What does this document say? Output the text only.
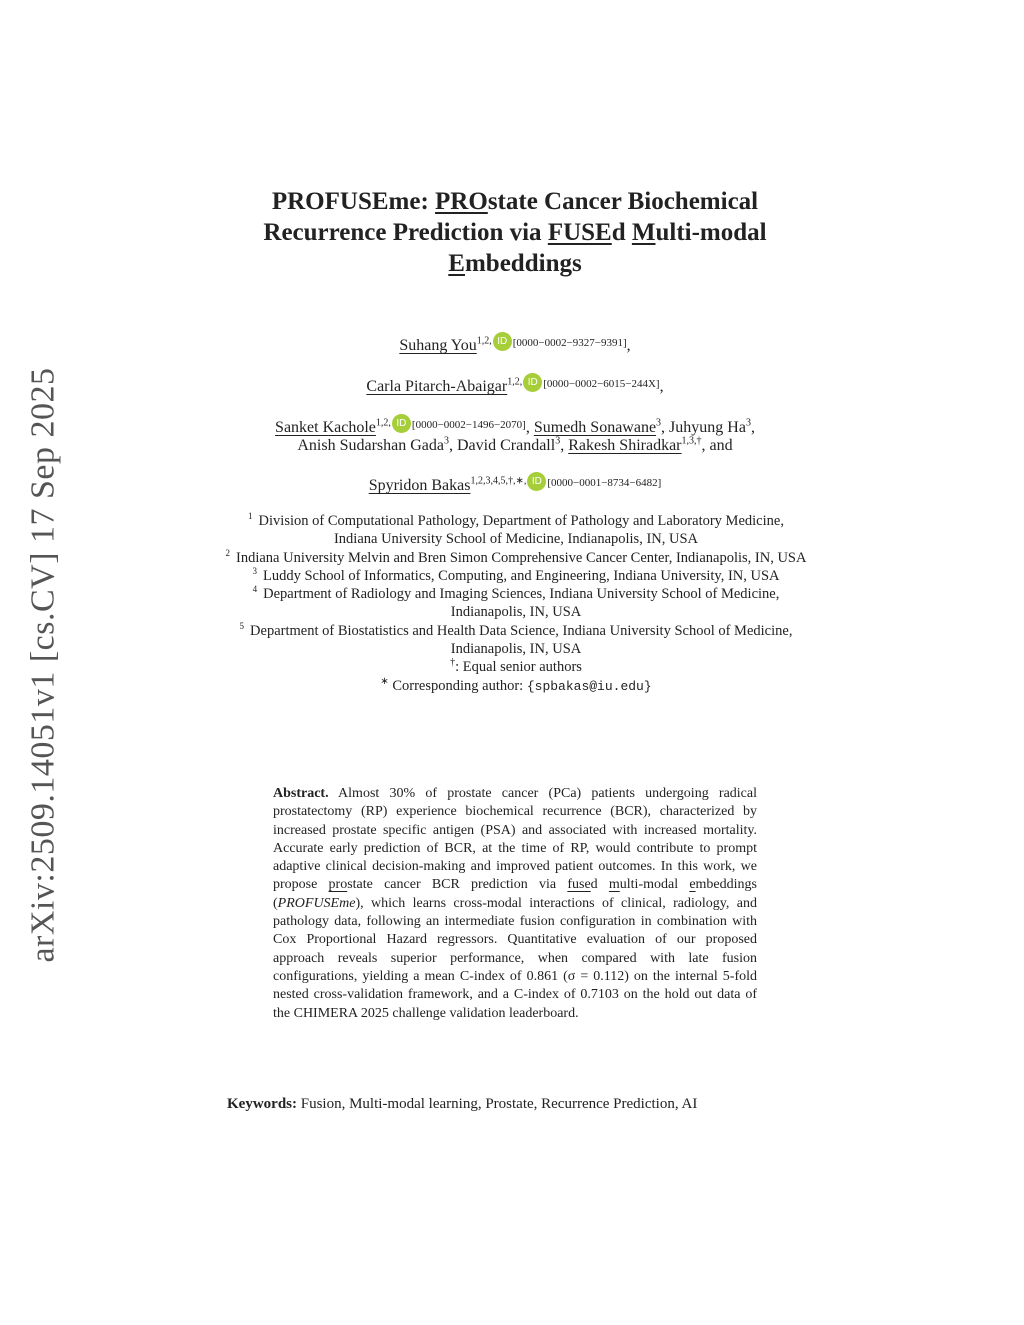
arXiv:2509.14051v1 [cs.CV] 17 Sep 2025
PROFUSEme: PROstate Cancer Biochemical
Recurrence Prediction via FUSEd Multi-modal
Embeddings
Suhang You$^{1,2,}$ ID [0000−0002−9327−9391],
Carla Pitarch-Abaigar$^{1,2,}$ ID [0000−0002−6015−244X],
Sanket Kachole$^{1,2,}$ ID [0000−0002−1496−2070], Sumedh Sonawane$^3$, Juhyung Ha$^3$,
Anish Sudarshan Gada$^3$, David Crandall$^3$, Rakesh Shiradkar$^{1,3,\dagger}$, and
Spyridon Bakas$^{1,2,3,4,5,\dagger,∗,}$ ID [0000−0001−8734−6482]
$^1$ Division of Computational Pathology, Department of Pathology and Laboratory Medicine, Indiana University School of Medicine, Indianapolis, IN, USA
$^2$ Indiana University Melvin and Bren Simon Comprehensive Cancer Center, Indianapolis, IN, USA
$^3$ Luddy School of Informatics, Computing, and Engineering, Indiana University, IN, USA
$^4$ Department of Radiology and Imaging Sciences, Indiana University School of Medicine, Indianapolis, IN, USA
$^5$ Department of Biostatistics and Health Data Science, Indiana University School of Medicine, Indianapolis, IN, USA
†: Equal senior authors
∗ Corresponding author: {spbakas@iu.edu}
Abstract. Almost 30% of prostate cancer (PCa) patients undergoing radical prostatectomy (RP) experience biochemical recurrence (BCR), characterized by increased prostate specific antigen (PSA) and associated with increased mortality. Accurate early prediction of BCR, at the time of RP, would contribute to prompt adaptive clinical decision-making and improved patient outcomes. In this work, we propose prostate cancer BCR prediction via fused multi-modal embeddings (PROFUSEme), which learns cross-modal interactions of clinical, radiology, and pathology data, following an intermediate fusion configuration in combination with Cox Proportional Hazard regressors. Quantitative evaluation of our proposed approach reveals superior performance, when compared with late fusion configurations, yielding a mean C-index of 0.861 (σ = 0.112) on the internal 5-fold nested cross-validation framework, and a C-index of 0.7103 on the hold out data of the CHIMERA 2025 challenge validation leaderboard.
Keywords: Fusion, Multi-modal learning, Prostate, Recurrence Prediction, AI
